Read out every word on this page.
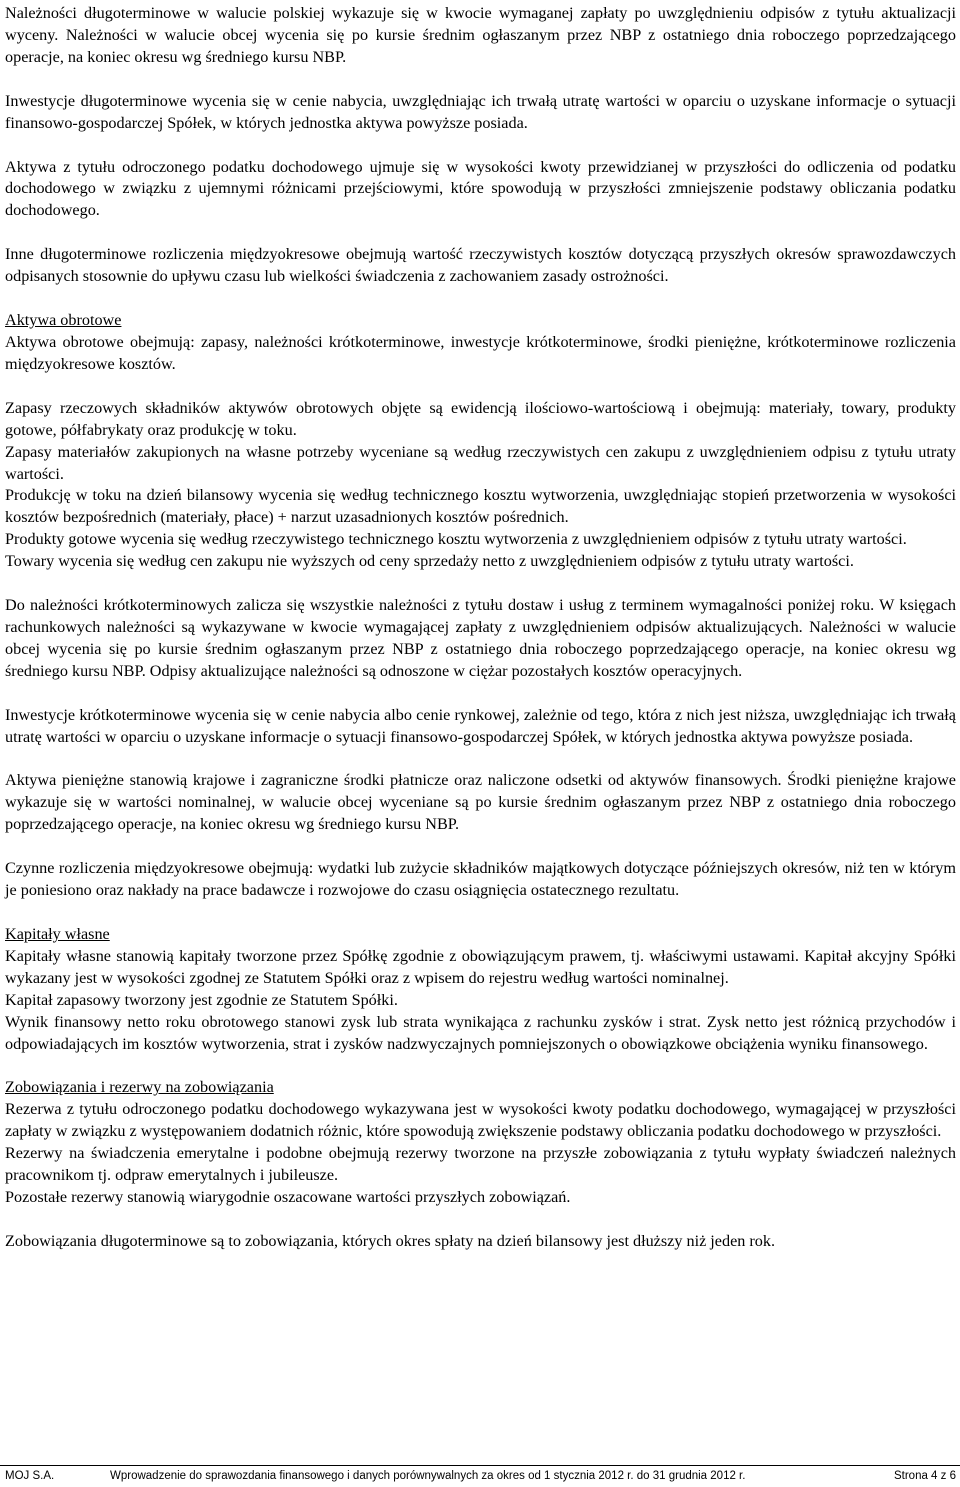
Należności długoterminowe w walucie polskiej wykazuje się w kwocie wymaganej zapłaty po uwzględnieniu odpisów z tytułu aktualizacji wyceny. Należności w walucie obcej wycenia się po kursie średnim ogłaszanym przez NBP z ostatniego dnia roboczego poprzedzającego operacje, na koniec okresu wg średniego kursu NBP.

Inwestycje długoterminowe wycenia się w cenie nabycia, uwzględniając ich trwałą utratę wartości w oparciu o uzyskane informacje o sytuacji finansowo-gospodarczej Spółek, w których jednostka aktywa powyższe posiada.

Aktywa z tytułu odroczonego podatku dochodowego ujmuje się w wysokości kwoty przewidzianej w przyszłości do odliczenia od podatku dochodowego w związku z ujemnymi różnicami przejściowymi, które spowodują w przyszłości zmniejszenie podstawy obliczania podatku dochodowego.

Inne długoterminowe rozliczenia międzyokresowe obejmują wartość rzeczywistych kosztów dotyczącą przyszłych okresów sprawozdawczych odpisanych stosownie do upływu czasu lub wielkości świadczenia z zachowaniem zasady ostrożności.

Aktywa obrotowe

Aktywa obrotowe obejmują: zapasy, należności krótkoterminowe, inwestycje krótkoterminowe, środki pieniężne, krótkoterminowe rozliczenia międzyokresowe kosztów.

Zapasy rzeczowych składników aktywów obrotowych objęte są ewidencją ilościowo-wartościową i obejmują: materiały, towary, produkty gotowe, półfabrykaty oraz produkcję w toku.

Zapasy materiałów zakupionych na własne potrzeby wyceniane są według rzeczywistych cen zakupu z uwzględnieniem odpisu z tytułu utraty wartości.

Produkcję w toku na dzień bilansowy wycenia się według technicznego kosztu wytworzenia, uwzględniając stopień przetworzenia w wysokości kosztów bezpośrednich (materiały, płace) + narzut uzasadnionych kosztów pośrednich.

Produkty gotowe wycenia się według rzeczywistego technicznego kosztu wytworzenia z uwzględnieniem odpisów z tytułu utraty wartości.

Towary wycenia się według cen zakupu nie wyższych od ceny sprzedaży netto z uwzględnieniem odpisów z tytułu utraty wartości.

Do należności krótkoterminowych zalicza się wszystkie należności z tytułu dostaw i usług z terminem wymagalności poniżej roku. W księgach rachunkowych należności są wykazywane w kwocie wymagającej zapłaty z uwzględnieniem odpisów aktualizujących. Należności w walucie obcej wycenia się po kursie średnim ogłaszanym przez NBP z ostatniego dnia roboczego poprzedzającego operacje, na koniec okresu wg średniego kursu NBP. Odpisy aktualizujące należności są odnoszone w ciężar pozostałych kosztów operacyjnych.

Inwestycje krótkoterminowe wycenia się w cenie nabycia albo cenie rynkowej, zależnie od tego, która z nich jest niższa, uwzględniając ich trwałą utratę wartości w oparciu o uzyskane informacje o sytuacji finansowo-gospodarczej Spółek, w których jednostka aktywa powyższe posiada.

Aktywa pieniężne stanowią krajowe i zagraniczne środki płatnicze oraz naliczone odsetki od aktywów finansowych. Środki pieniężne krajowe wykazuje się w wartości nominalnej, w walucie obcej wyceniane są po kursie średnim ogłaszanym przez NBP z ostatniego dnia roboczego poprzedzającego operacje, na koniec okresu wg średniego kursu NBP.

Czynne rozliczenia międzyokresowe obejmują: wydatki lub zużycie składników majątkowych dotyczące późniejszych okresów, niż ten w którym je poniesiono oraz nakłady na prace badawcze i rozwojowe do czasu osiągnięcia ostatecznego rezultatu.

Kapitały własne

Kapitały własne stanowią kapitały tworzone przez Spółkę zgodnie z obowiązującym prawem, tj. właściwymi ustawami. Kapitał akcyjny Spółki wykazany jest w wysokości zgodnej ze Statutem Spółki oraz z wpisem do rejestru według wartości nominalnej.

Kapitał zapasowy tworzony jest zgodnie ze Statutem Spółki.

Wynik finansowy netto roku obrotowego stanowi zysk lub strata wynikająca z rachunku zysków i strat. Zysk netto jest różnicą przychodów i odpowiadających im kosztów wytworzenia, strat i zysków nadzwyczajnych pomniejszonych o obowiązkowe obciążenia wyniku finansowego.

Zobowiązania i rezerwy na zobowiązania

Rezerwa z tytułu odroczonego podatku dochodowego wykazywana jest w wysokości kwoty podatku dochodowego, wymagającej w przyszłości zapłaty w związku z występowaniem dodatnich różnic, które spowodują zwiększenie podstawy obliczania podatku dochodowego w przyszłości.

Rezerwy na świadczenia emerytalne i podobne obejmują rezerwy tworzone na przyszłe zobowiązania z tytułu wypłaty świadczeń należnych pracownikom tj. odpraw emerytalnych i jubileusze.

Pozostałe rezerwy stanowią wiarygodnie oszacowane wartości przyszłych zobowiązań.

Zobowiązania długoterminowe są to zobowiązania, których okres spłaty na dzień bilansowy jest dłuższy niż jeden rok.

MOJ S.A.	Wprowadzenie do sprawozdania finansowego i danych porównywalnych za okres od 1 stycznia 2012 r. do 31 grudnia 2012 r.	Strona 4 z 6
